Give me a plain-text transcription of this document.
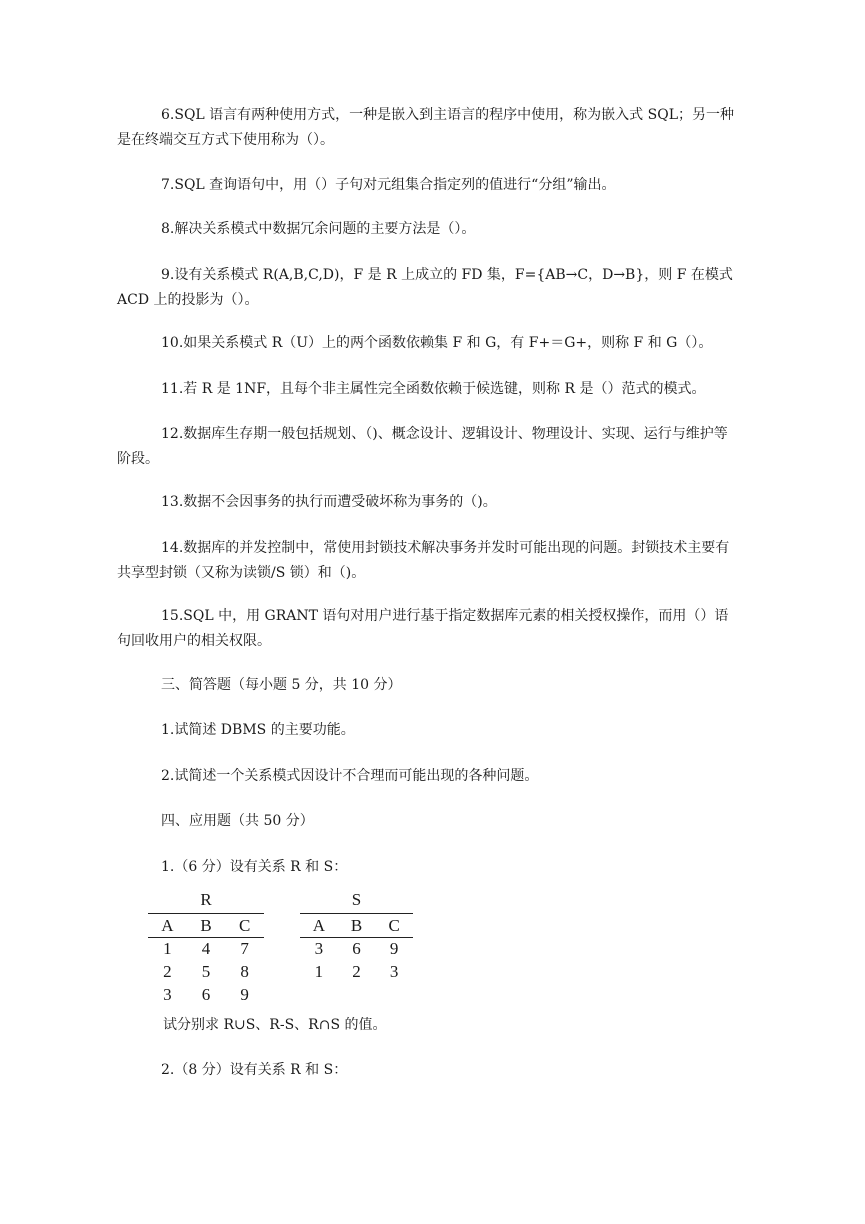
6.SQL 语言有两种使用方式，一种是嵌入到主语言的程序中使用，称为嵌入式 SQL；另一种是在终端交互方式下使用称为（）。

7.SQL 查询语句中，用（）子句对元组集合指定列的值进行“分组”输出。

8.解决关系模式中数据冗余问题的主要方法是（）。

9.设有关系模式 R(A,B,C,D)，F 是 R 上成立的 FD 集，F={AB→C，D→B}，则 F 在模式 ACD 上的投影为（）。

10.如果关系模式 R（U）上的两个函数依赖集 F 和 G，有 F+＝G+，则称 F 和 G（）。

11.若 R 是 1NF，且每个非主属性完全函数依赖于候选键，则称 R 是（）范式的模式。

12.数据库生存期一般包括规划、（)、概念设计、逻辑设计、物理设计、实现、运行与维护等阶段。

13.数据不会因事务的执行而遭受破坏称为事务的（)。

14.数据库的并发控制中，常使用封锁技术解决事务并发时可能出现的问题。封锁技术主要有共享型封锁（又称为读锁/S 锁）和（)。

15.SQL 中，用 GRANT 语句对用户进行基于指定数据库元素的相关授权操作，而用（）语句回收用户的相关权限。

三、简答题（每小题 5 分，共 10 分）

1.试简述 DBMS 的主要功能。

2.试简述一个关系模式因设计不合理而可能出现的各种问题。

四、应用题（共 50 分）

1.（6 分）设有关系 R 和 S：

R
A	B	C
1	4	7
2	5	8
3	6	9
S
A	B	C
3	6	9
1	2	3

试分别求 R∪S、R-S、R∩S 的值。

2.（8 分）设有关系 R 和 S：
